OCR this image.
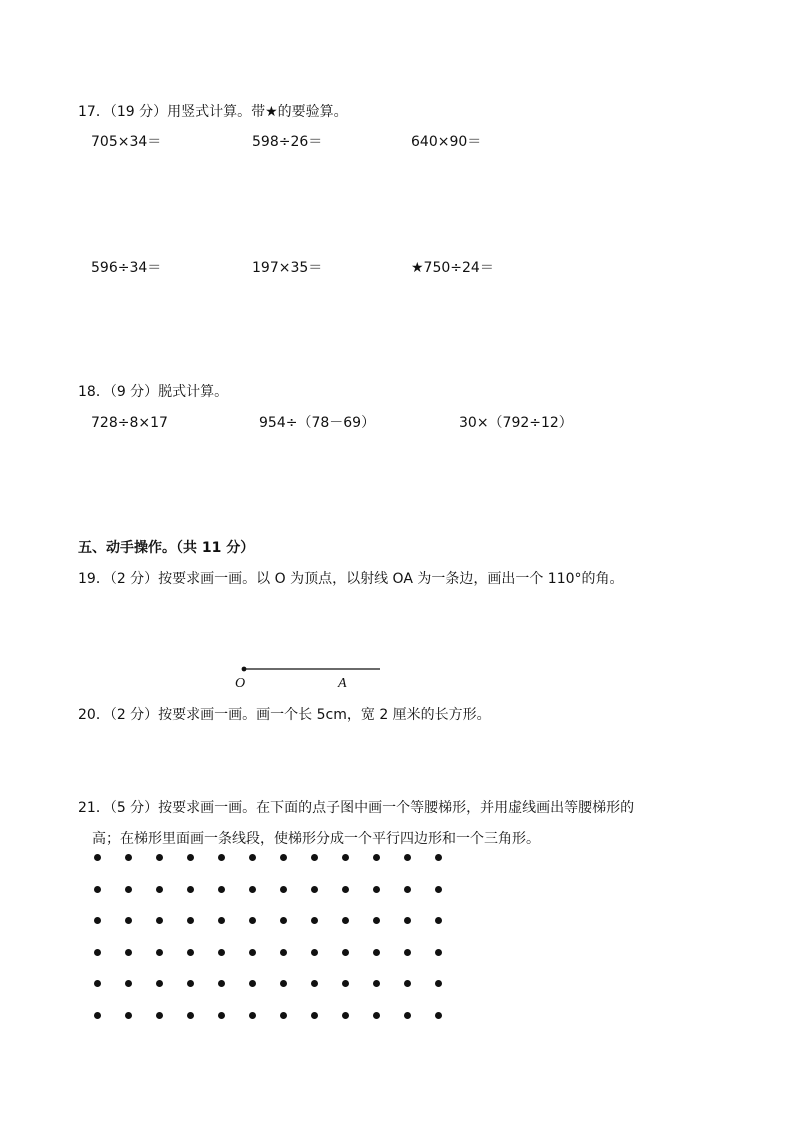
17．（19 分）用竖式计算。带★的要验算。
705×34＝	598÷26＝	640×90＝
596÷34＝	197×35＝	★750÷24＝
18．（9 分）脱式计算。
728÷8×17	954÷（78－69）	30×（792÷12）
五、动手操作。（共 11 分）
19．（2 分）按要求画一画。以 O 为顶点，以射线 OA 为一条边，画出一个 110°的角。
O	A
20．（2 分）按要求画一画。画一个长 5cm，宽 2 厘米的长方形。
21．（5 分）按要求画一画。在下面的点子图中画一个等腰梯形，并用虚线画出等腰梯形的
高；在梯形里面画一条线段，使梯形分成一个平行四边形和一个三角形。
